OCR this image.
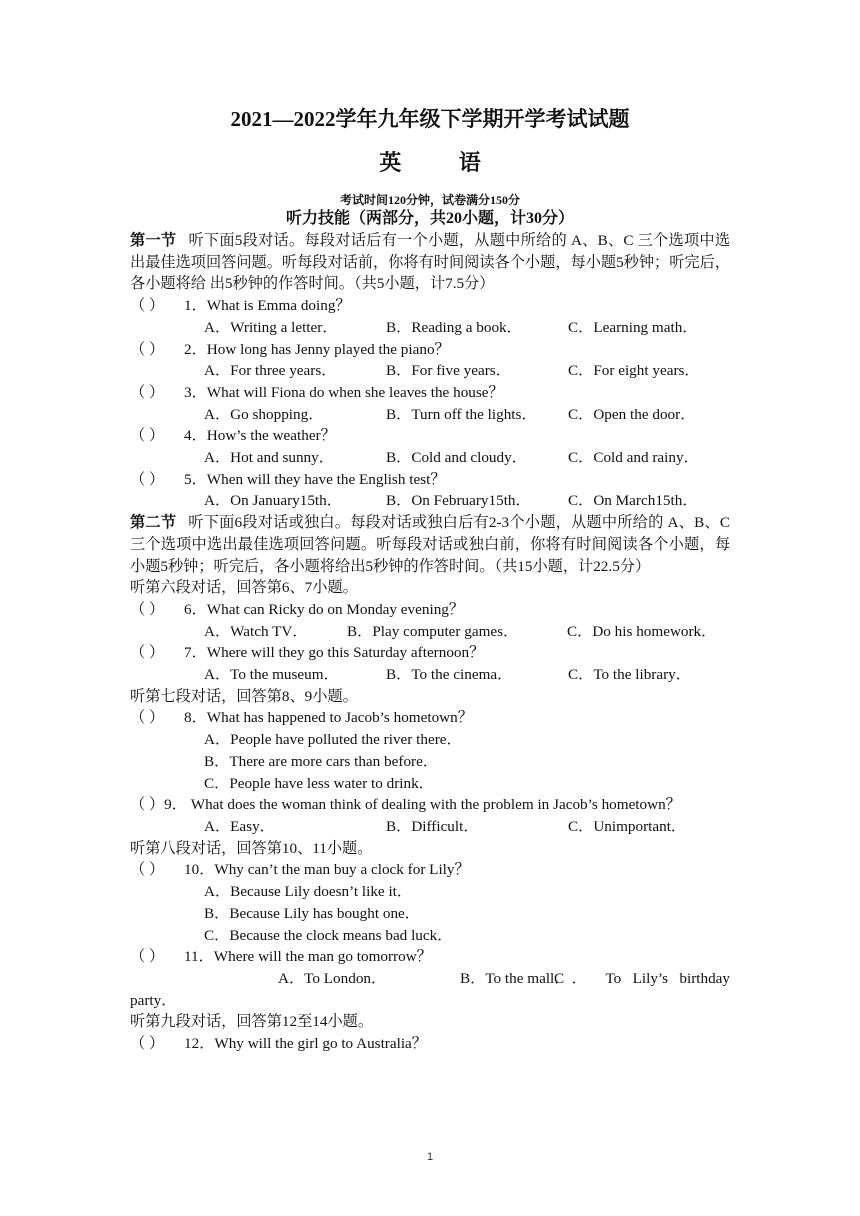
2021—2022学年九年级下学期开学考试试题
英 语
考试时间120分钟，试卷满分150分
听力技能（两部分，共20小题，计30分）
第一节 听下面5段对话。每段对话后有一个小题，从题中所给的 A、B、C 三个选项中选出最佳选项回答问题。听每段对话前，你将有时间阅读各个小题，每小题5秒钟；听完后，各小题将给 出5秒钟的作答时间。（共5小题，计7.5分）
（ ） 1．What is Emma doing？
A．Writing a letter．	B．Reading a book．	C．Learning math．
（ ） 2．How long has Jenny played the piano？
A．For three years．	B．For five years．	C．For eight years．
（ ） 3．What will Fiona do when she leaves the house？
A．Go shopping．	B．Turn off the lights．	C．Open the door．
（ ） 4．How’s the weather？
A．Hot and sunny．	B．Cold and cloudy．	C．Cold and rainy．
（ ） 5．When will they have the English test？
A．On January15th．	B．On February15th．	C．On March15th．
第二节 听下面6段对话或独白。每段对话或独白后有2-3个小题，从题中所给的 A、B、C 三个选项中选出最佳选项回答问题。听每段对话或独白前，你将有时间阅读各个小题，每小题5秒钟；听完后，各小题将给出5秒钟的作答时间。（共15小题，计22.5分）
听第六段对话，回答第6、7小题。
（ ） 6．What can Ricky do on Monday evening？
A．Watch TV．	B．Play computer games．	C．Do his homework．
（ ） 7．Where will they go this Saturday afternoon？
A．To the museum．	B．To the cinema．	C．To the library．
听第七段对话，回答第8、9小题。
（ ） 8．What has happened to Jacob’s hometown？
A．People have polluted the river there．
B．There are more cars than before．
C．People have less water to drink．
（ ）9． What does the woman think of dealing with the problem in Jacob’s hometown？
A．Easy．	B．Difficult．	C．Unimportant．
听第八段对话，回答第10、11小题。
（ ） 10．Why can’t the man buy a clock for Lily？
A．Because Lily doesn’t like it．
B．Because Lily has bought one．
C．Because the clock means bad luck．
（ ） 11．Where will the man go tomorrow？
A．To London．	B．To the mall．C． To Lily’s birthday party．
听第九段对话，回答第12至14小题。
（ ） 12．Why will the girl go to Australia？
1
